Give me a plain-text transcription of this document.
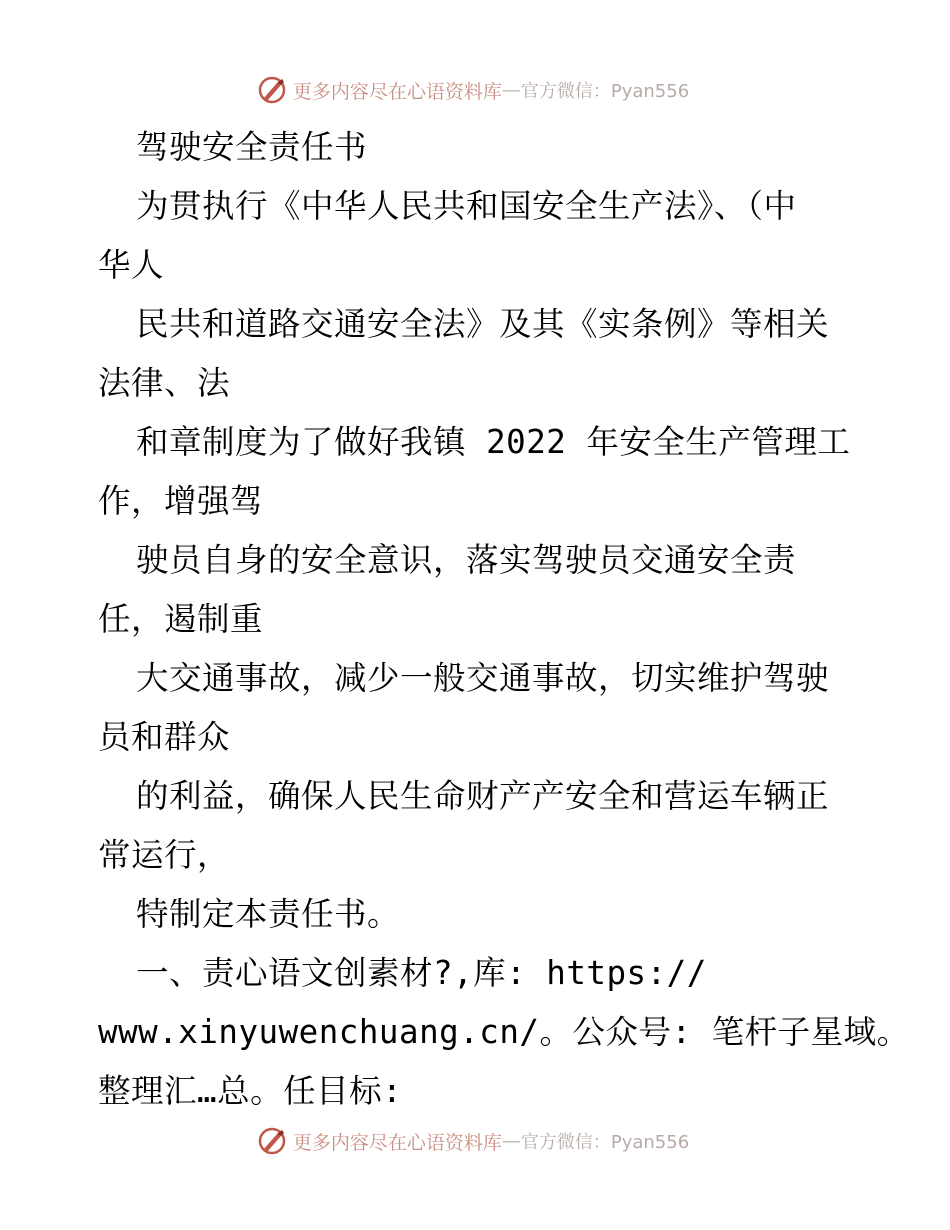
更多内容尽在心语资料库 — 官方微信：Pyan556
驾驶安全责任书
为贯执行《中华人民共和国安全生产法》、（中
华人
民共和道路交通安全法》及其《实条例》等相关
法律、法
和章制度为了做好我镇 2022 年安全生产管理工
作，增强驾
驶员自身的安全意识，落实驾驶员交通安全责
任，遏制重
大交通事故，减少一般交通事故，切实维护驾驶
员和群众
的利益，确保人民生命财产产安全和营运车辆正
常运行，
特制定本责任书。
一、责心语文创素材?,库: https://
www.xinyuwenchuang.cn/。公众号: 笔杆子星域。
整理汇…总。任目标:
更多内容尽在心语资料库 — 官方微信：Pyan556
